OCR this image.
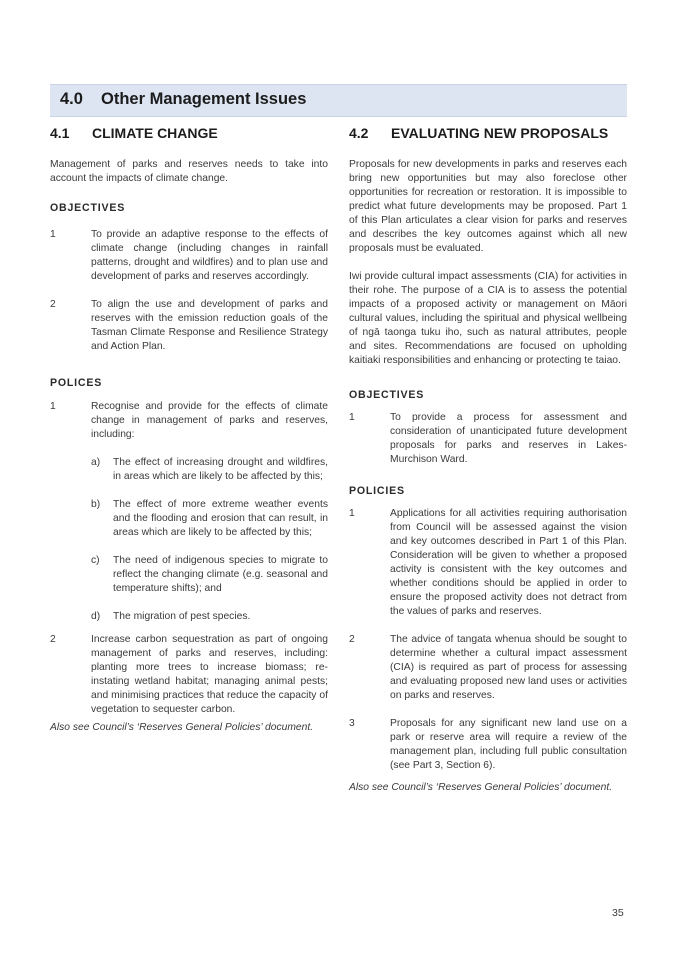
4.0 Other Management Issues
4.1 CLIMATE CHANGE

Management of parks and reserves needs to take into account the impacts of climate change.

OBJECTIVES

1	To provide an adaptive response to the effects of climate change (including changes in rainfall patterns, drought and wildfires) and to plan use and development of parks and reserves accordingly.
2	To align the use and development of parks and reserves with the emission reduction goals of the Tasman Climate Response and Resilience Strategy and Action Plan.

POLICES

1	Recognise and provide for the effects of climate change in management of parks and reserves, including:
a) The effect of increasing drought and wildfires, in areas which are likely to be affected by this;
b) The effect of more extreme weather events and the flooding and erosion that can result, in areas which are likely to be affected by this;
c) The need of indigenous species to migrate to reflect the changing climate (e.g. seasonal and temperature shifts); and
d) The migration of pest species.
2	Increase carbon sequestration as part of ongoing management of parks and reserves, including: planting more trees to increase biomass; re-instating wetland habitat; managing animal pests; and minimising practices that reduce the capacity of vegetation to sequester carbon.

Also see Council’s ‘Reserves General Policies’ document.

4.2 EVALUATING NEW PROPOSALS

Proposals for new developments in parks and reserves each bring new opportunities but may also foreclose other opportunities for recreation or restoration. It is impossible to predict what future developments may be proposed. Part 1 of this Plan articulates a clear vision for parks and reserves and describes the key outcomes against which all new proposals must be evaluated.

Iwi provide cultural impact assessments (CIA) for activities in their rohe. The purpose of a CIA is to assess the potential impacts of a proposed activity or management on Māori cultural values, including the spiritual and physical wellbeing of ngā taonga tuku iho, such as natural attributes, people and sites. Recommendations are focused on upholding kaitiaki responsibilities and enhancing or protecting te taiao.

OBJECTIVES

1	To provide a process for assessment and consideration of unanticipated future development proposals for parks and reserves in Lakes-Murchison Ward.

POLICIES

1	Applications for all activities requiring authorisation from Council will be assessed against the vision and key outcomes described in Part 1 of this Plan. Consideration will be given to whether a proposed activity is consistent with the key outcomes and whether conditions should be applied in order to ensure the proposed activity does not detract from the values of parks and reserves.
2	The advice of tangata whenua should be sought to determine whether a cultural impact assessment (CIA) is required as part of process for assessing and evaluating proposed new land uses or activities on parks and reserves.
3	Proposals for any significant new land use on a park or reserve area will require a review of the management plan, including full public consultation (see Part 3, Section 6).

Also see Council’s ‘Reserves General Policies’ document.

35
